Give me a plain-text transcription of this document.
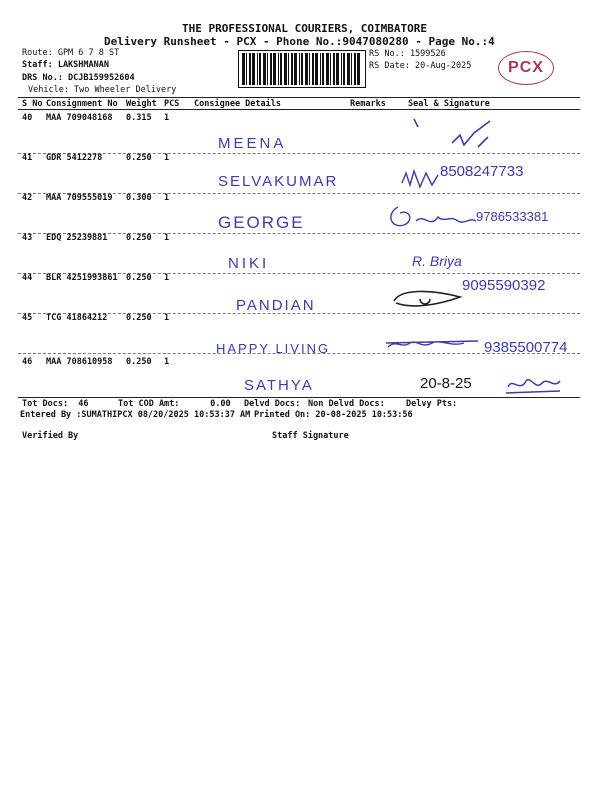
THE PROFESSIONAL COURIERS, COIMBATORE
Delivery Runsheet - PCX - Phone No.:9047080280 - Page No.:4
Route: GPM 6 7 8 ST
Staff: LAKSHMANAN
DRS No.: DCJB159952604
Vehicle: Two Wheeler Delivery
RS No.: 1599526
RS Date: 20-Aug-2025	PCX
S No Consignment No Weight PCS Consignee Details	Remarks	Seal & Signature
40 MAA 709048168 0.315 1
MEENA
41 GDR 5412278	0.250 1
SELVAKUMAR
8508247733
42 MAA 709555019 0.300 1
GEORGE	9786533381
43 EDQ 25239881 0.250 1
NIKI	R. Briya
44 BLR 4251993861 0.250 1
PANDIAN
9095590392
45 TCG 41864212 0.250 1
HAPPY LIVING	9385500774
46 MAA 708610958 0.250 1
SATHYA	20-8-25
Tot Docs:  46	Tot COD Amt:      0.00 Delvd Docs: Non Delvd Docs: Delvy Pts:
Entered By :SUMATHIPCX 08/20/2025 10:53:37 AM Printed On: 20-08-2025 10:53:56
Verified By	Staff Signature
